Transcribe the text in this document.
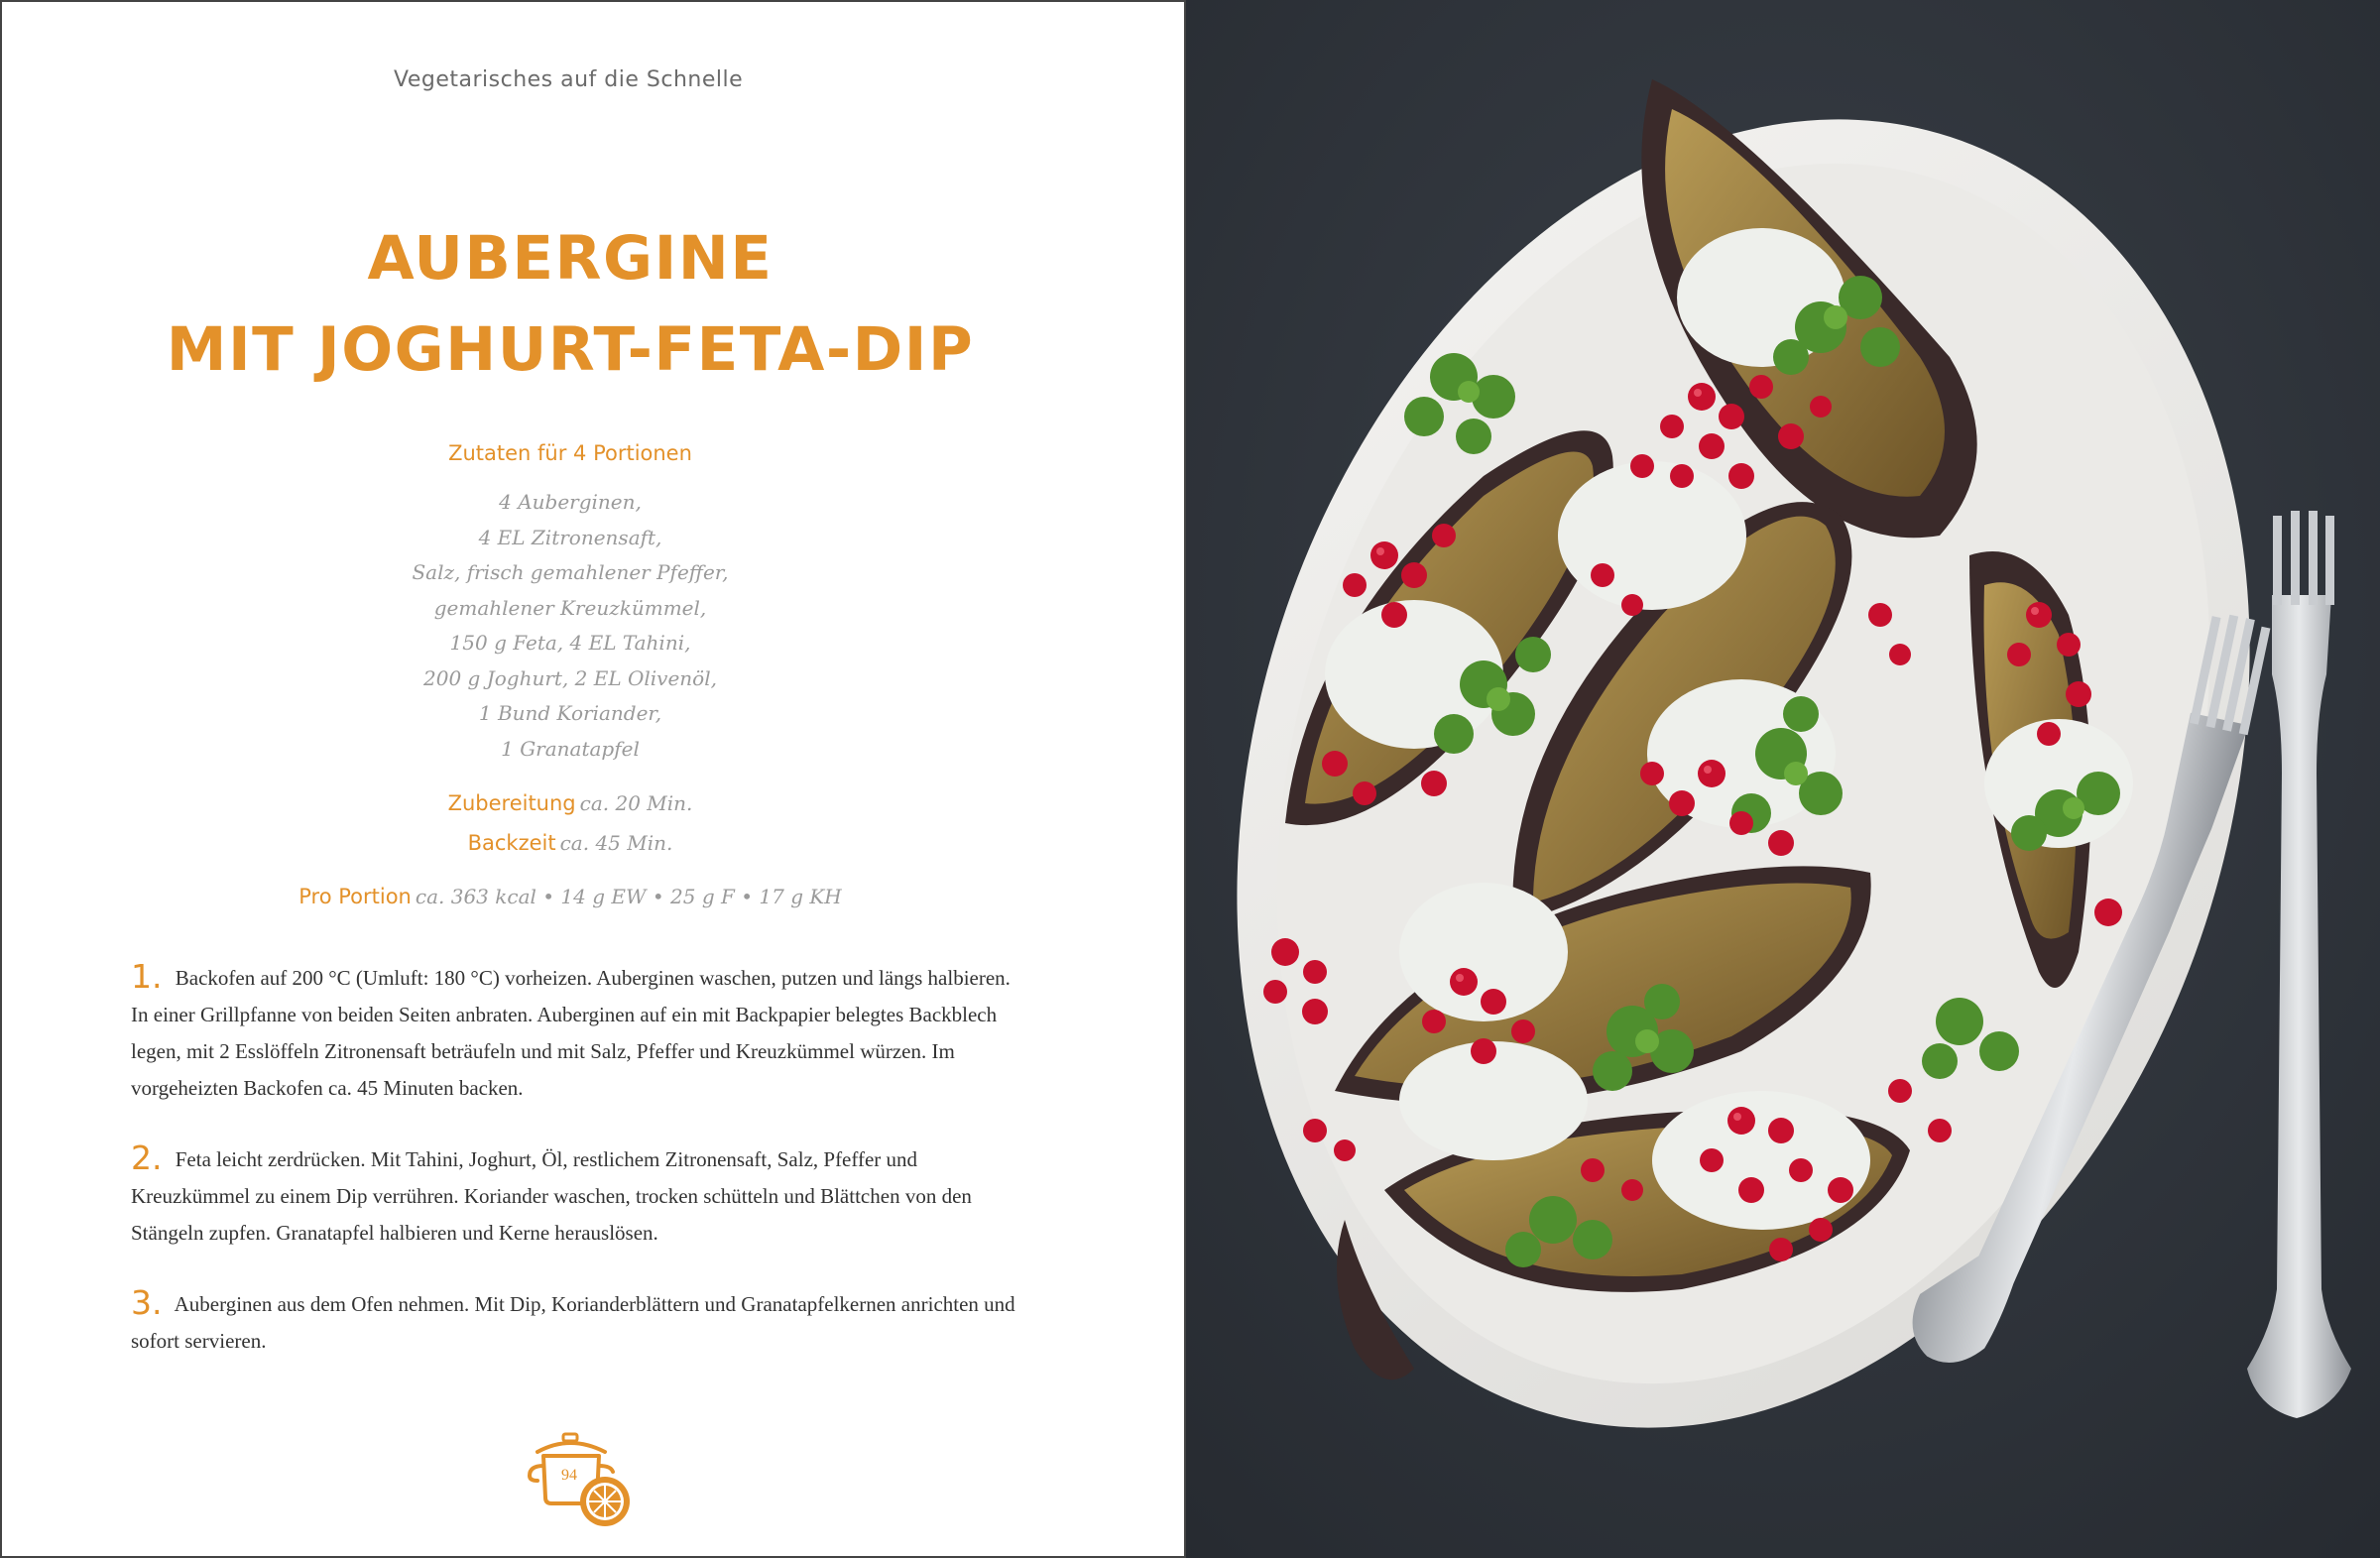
Vegetarisches auf die Schnelle
AUBERGINE
MIT JOGHURT-FETA-DIP
Zutaten für 4 Portionen
4 Auberginen,
4 EL Zitronensaft,
Salz, frisch gemahlener Pfeffer,
gemahlener Kreuzkümmel,
150 g Feta, 4 EL Tahini,
200 g Joghurt, 2 EL Olivenöl,
1 Bund Koriander,
1 Granatapfel
Zubereitung ca. 20 Min.
Backzeit ca. 45 Min.
Pro Portion ca. 363 kcal • 14 g EW • 25 g F • 17 g KH

1. Backofen auf 200 °C (Umluft: 180 °C) vorheizen. Auberginen waschen, putzen und längs halbieren. In einer Grillpfanne von beiden Seiten anbraten. Auberginen auf ein mit Backpapier belegtes Backblech legen, mit 2 Esslöffeln Zitronensaft beträufeln und mit Salz, Pfeffer und Kreuzkümmel würzen. Im vorgeheizten Backofen ca. 45 Minuten backen.

2. Feta leicht zerdrücken. Mit Tahini, Joghurt, Öl, restlichem Zitronensaft, Salz, Pfeffer und Kreuzkümmel zu einem Dip verrühren. Koriander waschen, trocken schütteln und Blättchen von den Stängeln zupfen. Granatapfel halbieren und Kerne herauslösen.

3. Auberginen aus dem Ofen nehmen. Mit Dip, Korianderblättern und Granatapfelkernen anrichten und sofort servieren.

94
